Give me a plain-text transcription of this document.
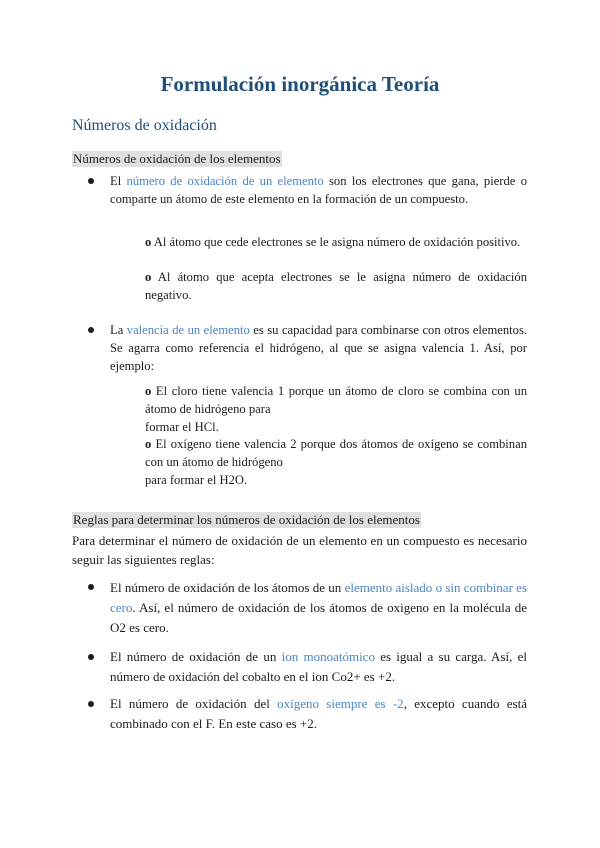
Formulación inorgánica Teoría
Números de oxidación
Números de oxidación de los elementos

El número de oxidación de un elemento son los electrones que gana, pierde o comparte un átomo de este elemento en la formación de un compuesto.

o Al átomo que cede electrones se le asigna número de oxidación positivo.

o Al átomo que acepta electrones se le asigna número de oxidación negativo.

La valencia de un elemento es su capacidad para combinarse con otros elementos. Se agarra como referencia el hidrógeno, al que se asigna valencia 1. Así, por ejemplo:

o El cloro tiene valencia 1 porque un átomo de cloro se combina con un átomo de hidrógeno para
formar el HCl.
o El oxígeno tiene valencia 2 porque dos átomos de oxígeno se combinan con un átomo de hidrógeno
para formar el H2O.
Reglas para determinar los números de oxidación de los elementos

Para determinar el número de oxidación de un elemento en un compuesto es necesario seguir las siguientes reglas:

El número de oxidación de los átomos de un elemento aislado o sin combinar es cero. Así, el número de oxidación de los átomos de oxigeno en la molécula de O2 es cero.

El número de oxidación de un ion monoatómico es igual a su carga. Así, el número de oxidación del cobalto en el ion Co2+ es +2.

El número de oxidación del oxígeno siempre es -2, excepto cuando está combinado con el F. En este caso es +2.
